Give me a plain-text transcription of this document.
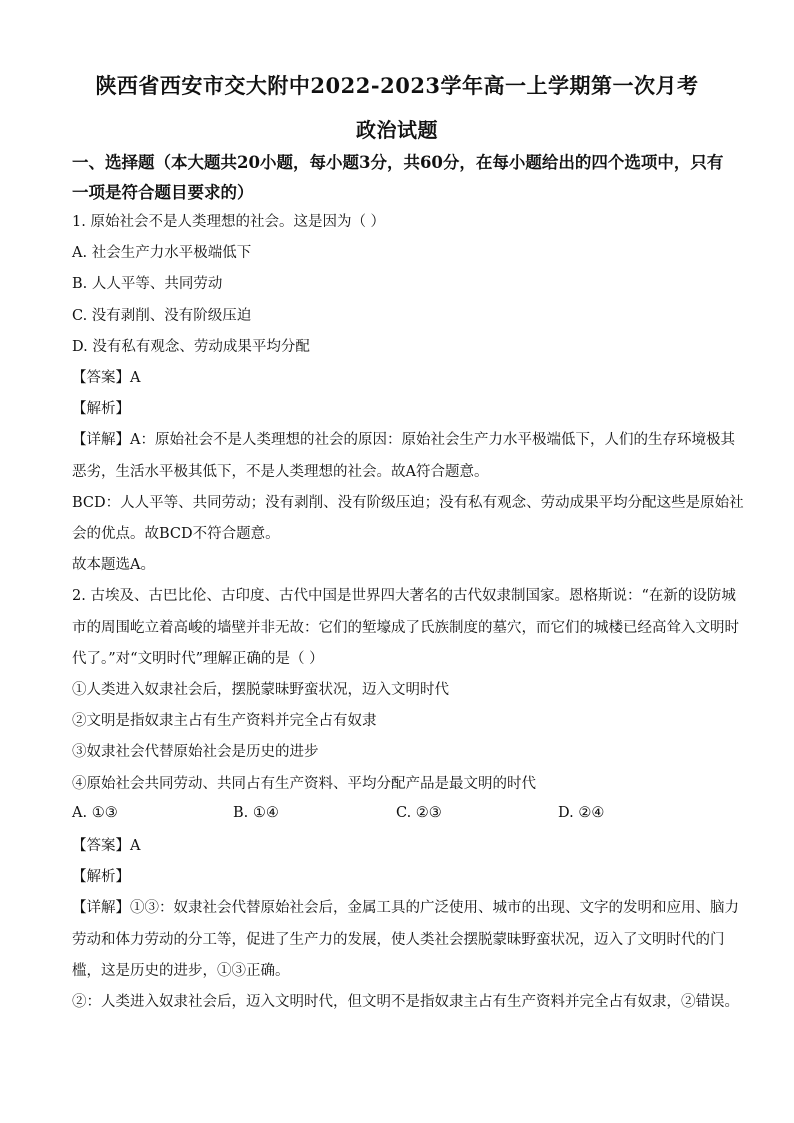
陕西省西安市交大附中2022-2023学年高一上学期第一次月考
政治试题
一、选择题（本大题共20小题，每小题3分，共60分，在每小题给出的四个选项中，只有
一项是符合题目要求的）
1. 原始社会不是人类理想的社会。这是因为（ ）
A. 社会生产力水平极端低下
B. 人人平等、共同劳动
C. 没有剥削、没有阶级压迫
D. 没有私有观念、劳动成果平均分配
【答案】A
【解析】
【详解】A：原始社会不是人类理想的社会的原因：原始社会生产力水平极端低下，人们的生存环境极其
恶劣，生活水平极其低下，不是人类理想的社会。故A符合题意。
BCD：人人平等、共同劳动；没有剥削、没有阶级压迫；没有私有观念、劳动成果平均分配这些是原始社
会的优点。故BCD不符合题意。
故本题选A。
2. 古埃及、古巴比伦、古印度、古代中国是世界四大著名的古代奴隶制国家。恩格斯说：“在新的设防城
市的周围屹立着高峻的墙壁并非无故：它们的堑壕成了氏族制度的墓穴，而它们的城楼已经高耸入文明时
代了。”对“文明时代”理解正确的是（ ）
①人类进入奴隶社会后，摆脱蒙昧野蛮状况，迈入文明时代
②文明是指奴隶主占有生产资料并完全占有奴隶
③奴隶社会代替原始社会是历史的进步
④原始社会共同劳动、共同占有生产资料、平均分配产品是最文明的时代
A. ①③	B. ①④	C. ②③	D. ②④
【答案】A
【解析】
【详解】①③：奴隶社会代替原始社会后，金属工具的广泛使用、城市的出现、文字的发明和应用、脑力
劳动和体力劳动的分工等，促进了生产力的发展，使人类社会摆脱蒙昧野蛮状况，迈入了文明时代的门
槛，这是历史的进步，①③正确。
②：人类进入奴隶社会后，迈入文明时代，但文明不是指奴隶主占有生产资料并完全占有奴隶，②错误。
